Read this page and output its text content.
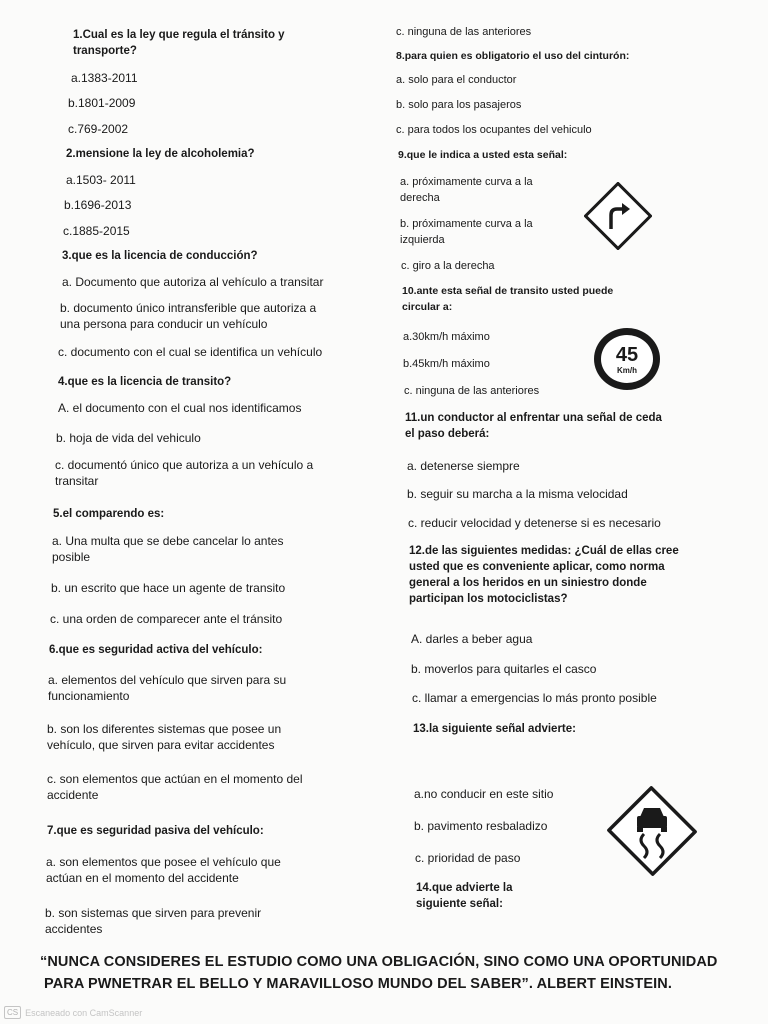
1.Cual es la ley que regula el tránsito y
transporte?
a.1383-2011
b.1801-2009
c.769-2002
2.mensione la ley de alcoholemia?
a.1503- 2011
b.1696-2013
c.1885-2015
3.que es la licencia de conducción?
a. Documento que autoriza al vehículo a transitar
b. documento único intransferible que autoriza a
una persona para conducir un vehículo
c. documento con el cual se identifica un vehículo
4.que es la licencia de transito?
A. el documento con el cual nos identificamos
b. hoja de vida del vehiculo
c. documentó único que autoriza a un vehículo a
transitar
5.el comparendo es:
a. Una multa que se debe cancelar lo antes
posible
b. un escrito que hace un agente de transito
c. una orden de comparecer ante el tránsito
6.que es seguridad activa del vehículo:
a. elementos del vehículo que sirven para su
funcionamiento
b. son los diferentes sistemas que posee un
vehículo, que sirven para evitar accidentes
c. son elementos que actúan en el momento del
accidente
7.que es seguridad pasiva del vehículo:
a. son elementos que posee el vehículo que
actúan en el momento del accidente
b. son sistemas que sirven para prevenir
accidentes
c. ninguna de las anteriores
8.para quien es obligatorio el uso del cinturón:
a. solo para el conductor
b. solo para los pasajeros
c. para todos los ocupantes del vehiculo
9.que le indica a usted esta señal:
a. próximamente curva a la
derecha
b. próximamente curva a la
izquierda
c. giro a la derecha
10.ante esta señal de transito usted puede
circular a:
a.30km/h máximo
b.45km/h máximo
c. ninguna de las anteriores
11.un conductor al enfrentar una señal de ceda
el paso deberá:
a. detenerse siempre
b. seguir su marcha a la misma velocidad
c. reducir velocidad y detenerse si es necesario
12.de las siguientes medidas: ¿Cuál de ellas cree
usted que es conveniente aplicar, como norma
general a los heridos en un siniestro donde
participan los motociclistas?
A. darles a beber agua
b. moverlos para quitarles el casco
c. llamar a emergencias lo más pronto posible
13.la siguiente señal advierte:
a.no conducir en este sitio
b. pavimento resbaladizo
c. prioridad de paso
14.que advierte la
siguiente señal:
45
Km/h
“NUNCA CONSIDERES EL ESTUDIO COMO UNA OBLIGACIÓN, SINO COMO UNA OPORTUNIDAD
PARA PWNETRAR EL BELLO Y MARAVILLOSO MUNDO DEL SABER”. ALBERT EINSTEIN.
CS Escaneado con CamScanner
